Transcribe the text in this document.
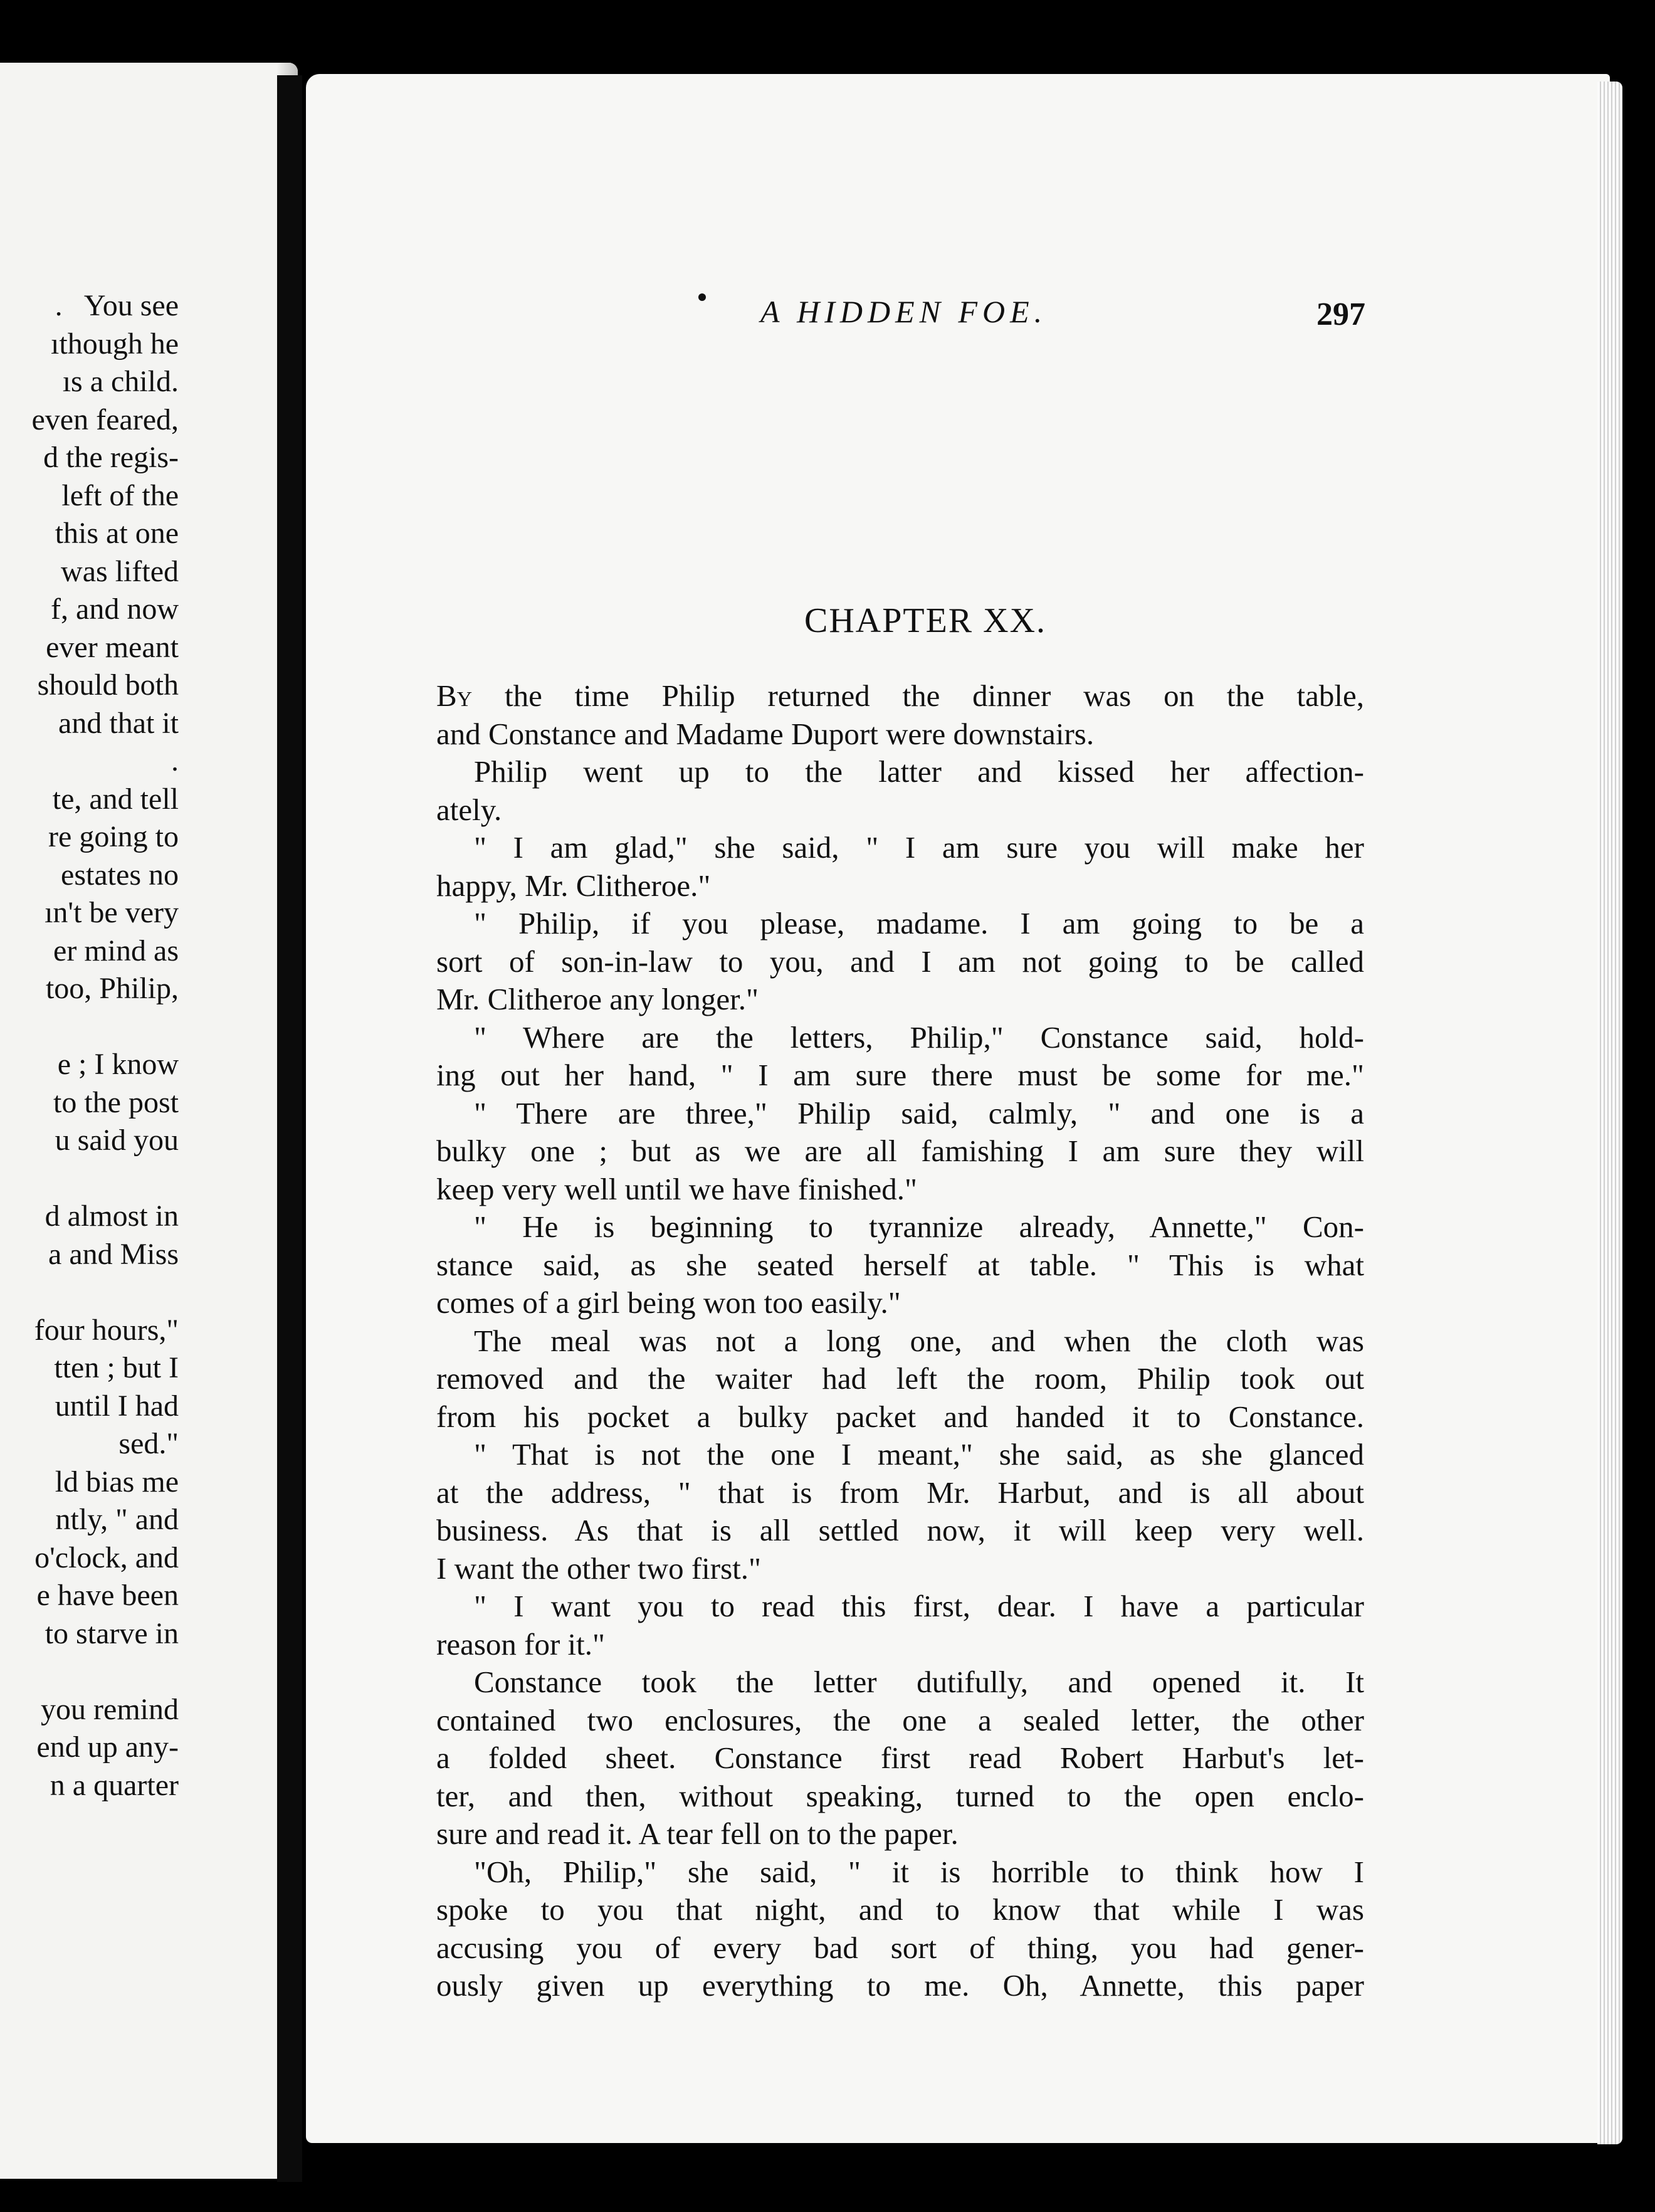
.   You see
ıthough he
ıs a child.
even feared,
d the regis-
left of the
this at one
was lifted
f, and now
ever meant
should both
and that it
.
te, and tell
re going to
estates no
ın't be very
er mind as
too, Philip,

e ; I know
to the post
u said you

d almost in
a and Miss

four hours,"
tten ; but I
until I had
sed."
ld bias me
ntly, " and
o'clock, and
e have been
to starve in

you remind
end up any-
n a quarter
A HIDDEN FOE.	297
CHAPTER XX.
By the time Philip returned the dinner was on the table,
and Constance and Madame Duport were downstairs.
Philip went up to the latter and kissed her affection-
ately.
" I am glad," she said, " I am sure you will make her
happy, Mr. Clitheroe."
" Philip, if you please, madame. I am going to be a
sort of son-in-law to you, and I am not going to be called
Mr. Clitheroe any longer."
" Where are the letters, Philip," Constance said, hold-
ing out her hand, " I am sure there must be some for me."
" There are three," Philip said, calmly, " and one is a
bulky one ; but as we are all famishing I am sure they will
keep very well until we have finished."
" He is beginning to tyrannize already, Annette," Con-
stance said, as she seated herself at table. " This is what
comes of a girl being won too easily."
The meal was not a long one, and when the cloth was
removed and the waiter had left the room, Philip took out
from his pocket a bulky packet and handed it to Constance.
" That is not the one I meant," she said, as she glanced
at the address, " that is from Mr. Harbut, and is all about
business. As that is all settled now, it will keep very well.
I want the other two first."
" I want you to read this first, dear. I have a particular
reason for it."
Constance took the letter dutifully, and opened it. It
contained two enclosures, the one a sealed letter, the other
a folded sheet. Constance first read Robert Harbut's let-
ter, and then, without speaking, turned to the open enclo-
sure and read it. A tear fell on to the paper.
"Oh, Philip," she said, " it is horrible to think how I
spoke to you that night, and to know that while I was
accusing you of every bad sort of thing, you had gener-
ously given up everything to me. Oh, Annette, this paper
